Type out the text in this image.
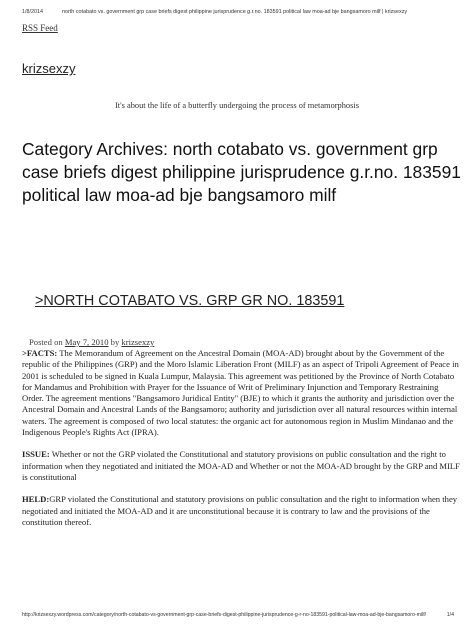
1/8/2014	north cotabato vs. government grp case briefs digest philippine jurisprudence g.r.no. 183591 political law moa-ad bje bangsamoro milf | krizsexzy
RSS Feed
krizsexzy
It's about the life of a butterfly undergoing the process of metamorphosis
Category Archives: north cotabato vs. government grp case briefs digest philippine jurisprudence g.r.no. 183591 political law moa-ad bje bangsamoro milf
>NORTH COTABATO VS. GRP GR NO. 183591
Posted on May 7, 2010 by krizsexzy

>FACTS: The Memorandum of Agreement on the Ancestral Domain (MOA-AD) brought about by the Government of the republic of the Philippines (GRP) and the Moro Islamic Liberation Front (MILF) as an aspect of Tripoli Agreement of Peace in 2001 is scheduled to be signed in Kuala Lumpur, Malaysia. This agreement was petitioned by the Province of North Cotabato for Mandamus and Prohibition with Prayer for the Issuance of Writ of Preliminary Injunction and Temporary Restraining Order. The agreement mentions "Bangsamoro Juridical Entity" (BJE) to which it grants the authority and jurisdiction over the Ancestral Domain and Ancestral Lands of the Bangsamoro; authority and jurisdiction over all natural resources within internal waters. The agreement is composed of two local statutes: the organic act for autonomous region in Muslim Mindanao and the Indigenous People's Rights Act (IPRA).

ISSUE: Whether or not the GRP violated the Constitutional and statutory provisions on public consultation and the right to information when they negotiated and initiated the MOA-AD and Whether or not the MOA-AD brought by the GRP and MILF is constitutional

HELD:GRP violated the Constitutional and statutory provisions on public consultation and the right to information when they negotiated and initiated the MOA-AD and it are unconstitutional because it is contrary to law and the provisions of the constitution thereof.

http://krizsexzy.wordpress.com/category/north-cotabato-vs-government-grp-case-briefs-digest-philippine-jurisprudence-g-r-no-183591-political-law-moa-ad-bje-bangsamoro-milf/	1/4
